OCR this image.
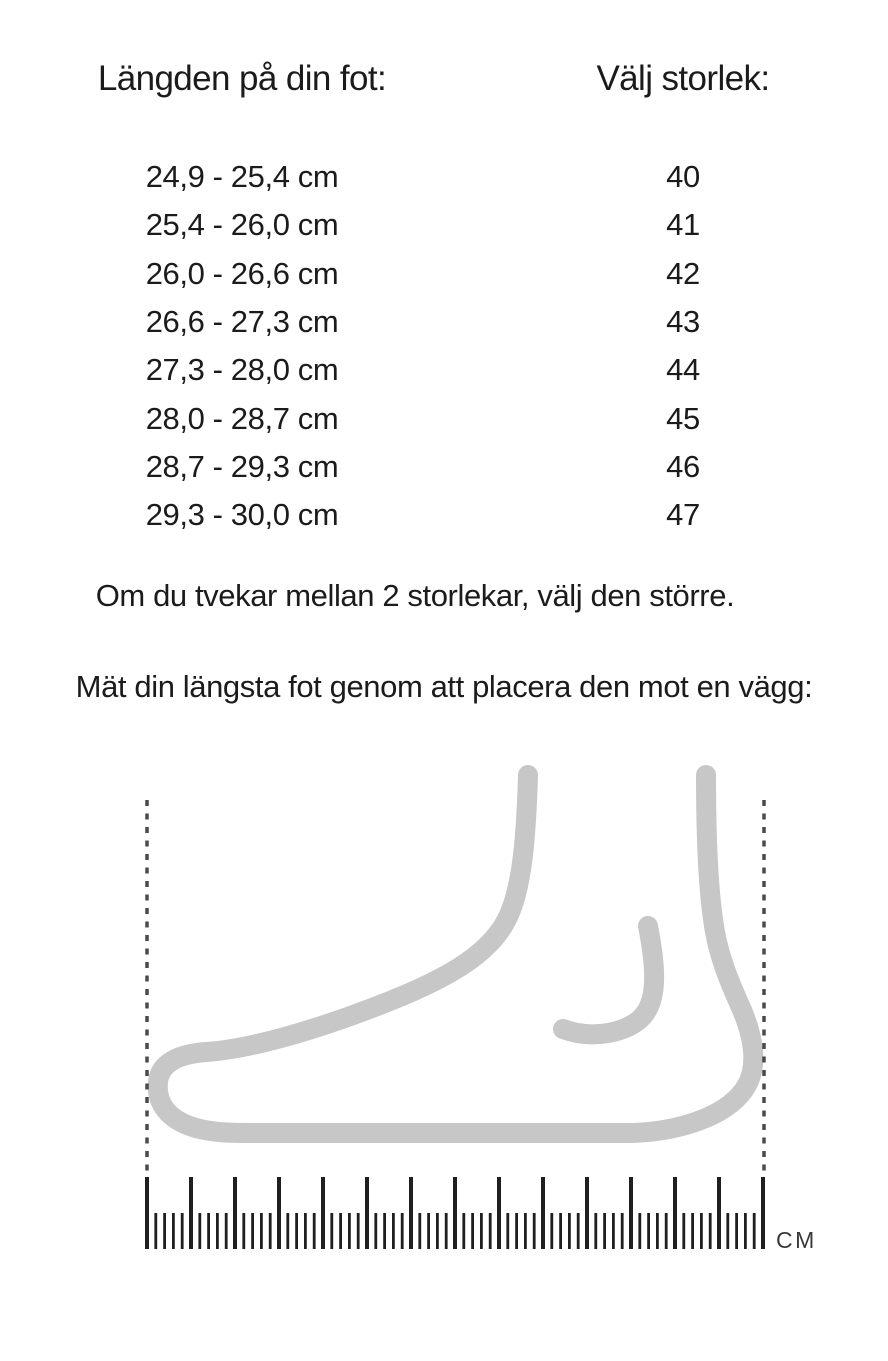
Längden på din fot:	Välj storlek:
24,9 - 25,4 cm	40
25,4 - 26,0 cm	41
26,0 - 26,6 cm	42
26,6 - 27,3 cm	43
27,3 - 28,0 cm	44
28,0 - 28,7 cm	45
28,7 - 29,3 cm	46
29,3 - 30,0 cm	47
Om du tvekar mellan 2 storlekar, välj den större.
Mät din längsta fot genom att placera den mot en vägg:
CM
